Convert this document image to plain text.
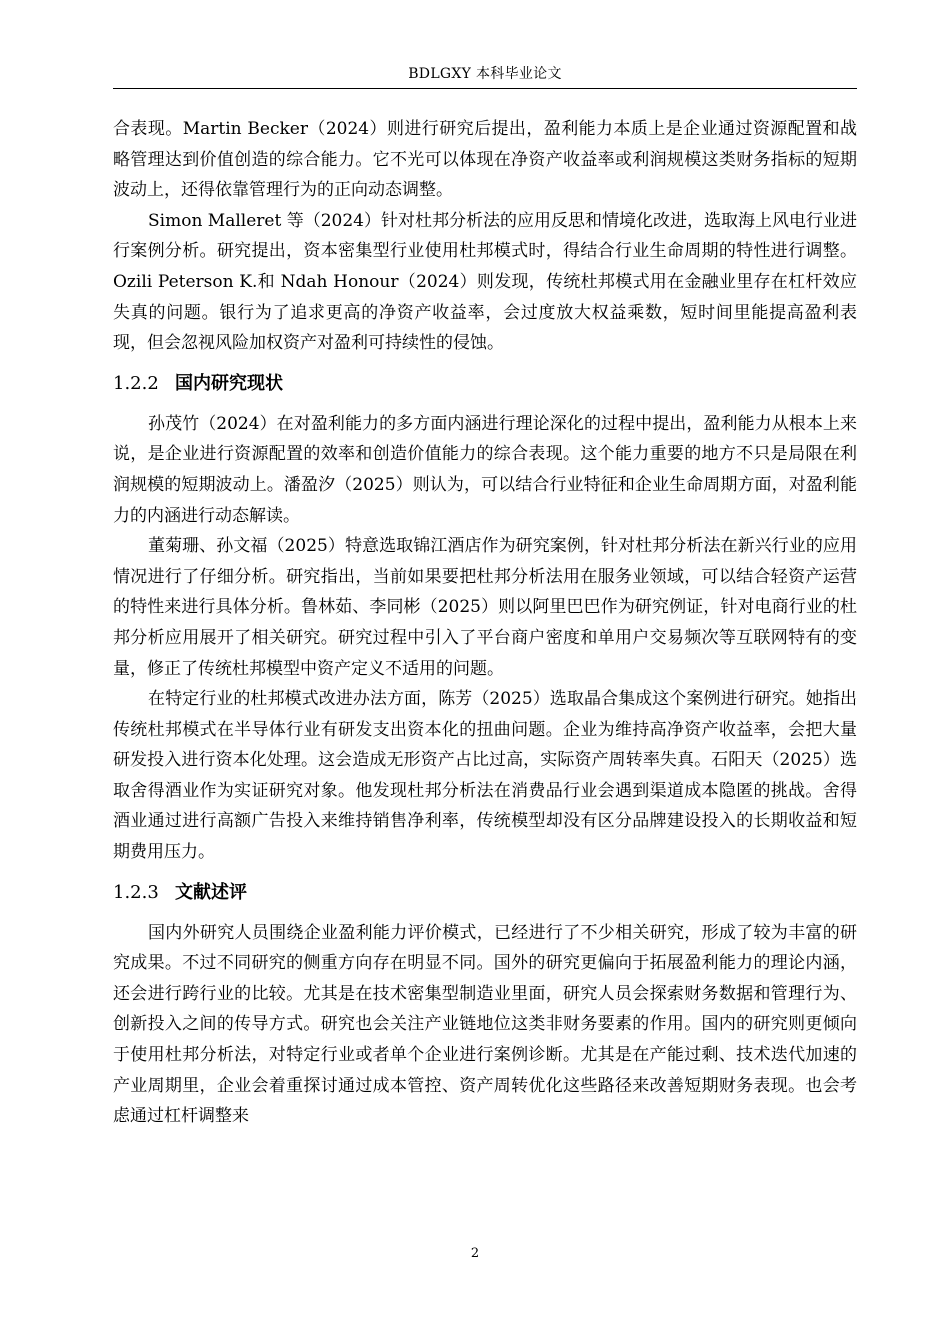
BDLGXY 本科毕业论文

合表现。Martin Becker（2024）则进行研究后提出，盈利能力本质上是企业通过资源配置和战略管理达到价值创造的综合能力。它不光可以体现在净资产收益率或利润规模这类财务指标的短期波动上，还得依靠管理行为的正向动态调整。

Simon Malleret 等（2024）针对杜邦分析法的应用反思和情境化改进，选取海上风电行业进行案例分析。研究提出，资本密集型行业使用杜邦模式时，得结合行业生命周期的特性进行调整。Ozili Peterson K.和 Ndah Honour（2024）则发现，传统杜邦模式用在金融业里存在杠杆效应失真的问题。银行为了追求更高的净资产收益率，会过度放大权益乘数，短时间里能提高盈利表现，但会忽视风险加权资产对盈利可持续性的侵蚀。

1.2.2 国内研究现状

孙茂竹（2024）在对盈利能力的多方面内涵进行理论深化的过程中提出，盈利能力从根本上来说，是企业进行资源配置的效率和创造价值能力的综合表现。这个能力重要的地方不只是局限在利润规模的短期波动上。潘盈汐（2025）则认为，可以结合行业特征和企业生命周期方面，对盈利能力的内涵进行动态解读。

董菊珊、孙文福（2025）特意选取锦江酒店作为研究案例，针对杜邦分析法在新兴行业的应用情况进行了仔细分析。研究指出，当前如果要把杜邦分析法用在服务业领域，可以结合轻资产运营的特性来进行具体分析。鲁林茹、李同彬（2025）则以阿里巴巴作为研究例证，针对电商行业的杜邦分析应用展开了相关研究。研究过程中引入了平台商户密度和单用户交易频次等互联网特有的变量，修正了传统杜邦模型中资产定义不适用的问题。

在特定行业的杜邦模式改进办法方面，陈芳（2025）选取晶合集成这个案例进行研究。她指出传统杜邦模式在半导体行业有研发支出资本化的扭曲问题。企业为维持高净资产收益率，会把大量研发投入进行资本化处理。这会造成无形资产占比过高，实际资产周转率失真。石阳天（2025）选取舍得酒业作为实证研究对象。他发现杜邦分析法在消费品行业会遇到渠道成本隐匿的挑战。舍得酒业通过进行高额广告投入来维持销售净利率，传统模型却没有区分品牌建设投入的长期收益和短期费用压力。

1.2.3 文献述评

国内外研究人员围绕企业盈利能力评价模式，已经进行了不少相关研究，形成了较为丰富的研究成果。不过不同研究的侧重方向存在明显不同。国外的研究更偏向于拓展盈利能力的理论内涵，还会进行跨行业的比较。尤其是在技术密集型制造业里面，研究人员会探索财务数据和管理行为、创新投入之间的传导方式。研究也会关注产业链地位这类非财务要素的作用。国内的研究则更倾向于使用杜邦分析法，对特定行业或者单个企业进行案例诊断。尤其是在产能过剩、技术迭代加速的产业周期里，企业会着重探讨通过成本管控、资产周转优化这些路径来改善短期财务表现。也会考虑通过杠杆调整来

2
